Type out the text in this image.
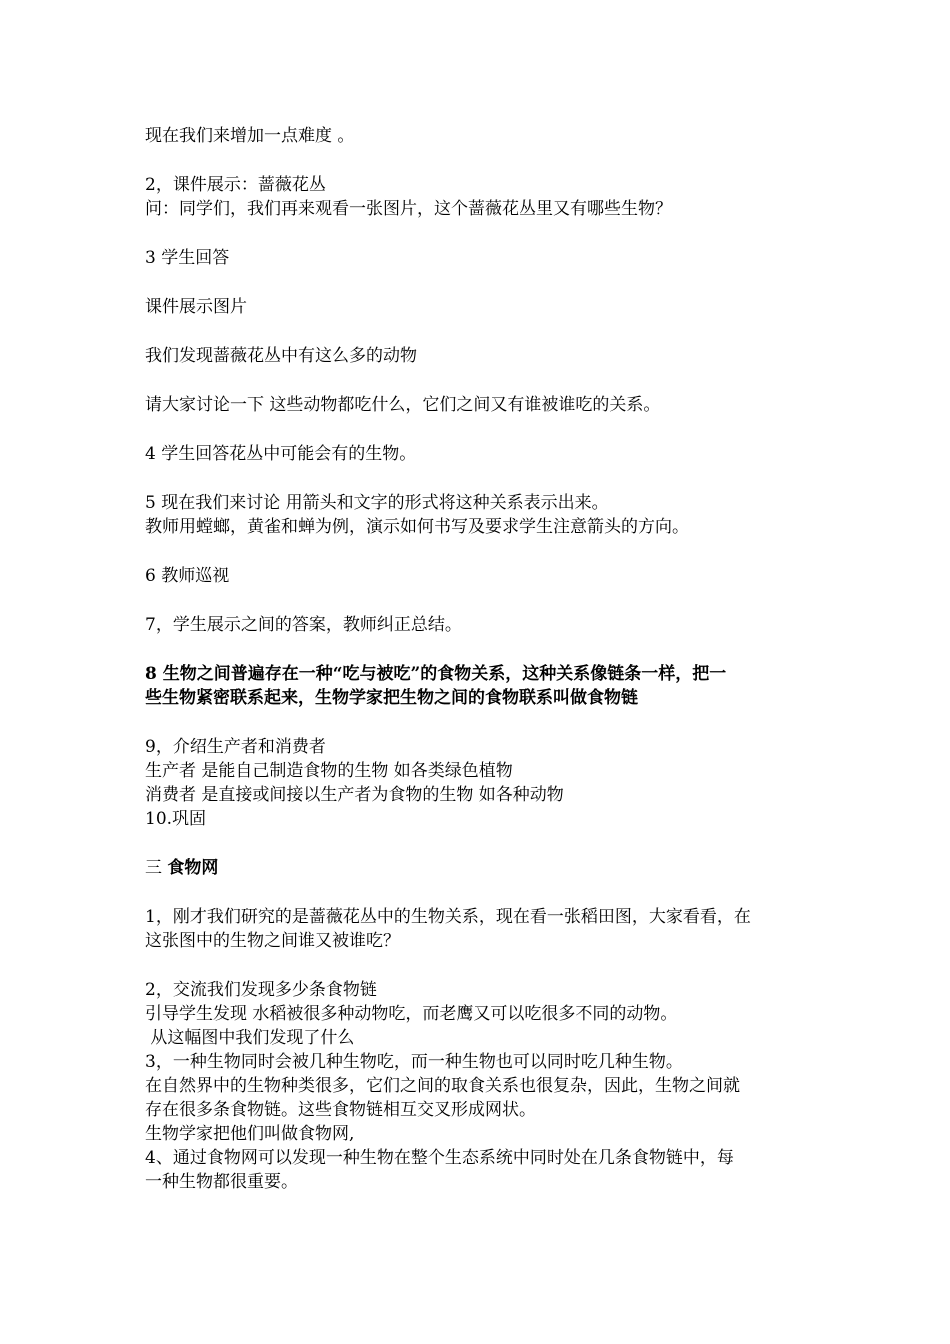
现在我们来增加一点难度 。
2，课件展示：蔷薇花丛
问：同学们，我们再来观看一张图片，这个蔷薇花丛里又有哪些生物？
3 学生回答
课件展示图片
我们发现蔷薇花丛中有这么多的动物
请大家讨论一下 这些动物都吃什么，它们之间又有谁被谁吃的关系。
4 学生回答花丛中可能会有的生物。
5 现在我们来讨论 用箭头和文字的形式将这种关系表示出来。
教师用螳螂，黄雀和蝉为例，演示如何书写及要求学生注意箭头的方向。
6 教师巡视
7，学生展示之间的答案，教师纠正总结。
8 生物之间普遍存在一种“吃与被吃”的食物关系，这种关系像链条一样，把一
些生物紧密联系起来，生物学家把生物之间的食物联系叫做食物链
9，介绍生产者和消费者
生产者 是能自己制造食物的生物 如各类绿色植物
消费者 是直接或间接以生产者为食物的生物 如各种动物
10.巩固
三 食物网
1，刚才我们研究的是蔷薇花丛中的生物关系，现在看一张稻田图，大家看看，在
这张图中的生物之间谁又被谁吃？
2，交流我们发现多少条食物链
引导学生发现 水稻被很多种动物吃，而老鹰又可以吃很多不同的动物。
从这幅图中我们发现了什么
3，一种生物同时会被几种生物吃，而一种生物也可以同时吃几种生物。
在自然界中的生物种类很多，它们之间的取食关系也很复杂，因此，生物之间就
存在很多条食物链。这些食物链相互交叉形成网状。
生物学家把他们叫做食物网,
4、通过食物网可以发现一种生物在整个生态系统中同时处在几条食物链中，每
一种生物都很重要。
